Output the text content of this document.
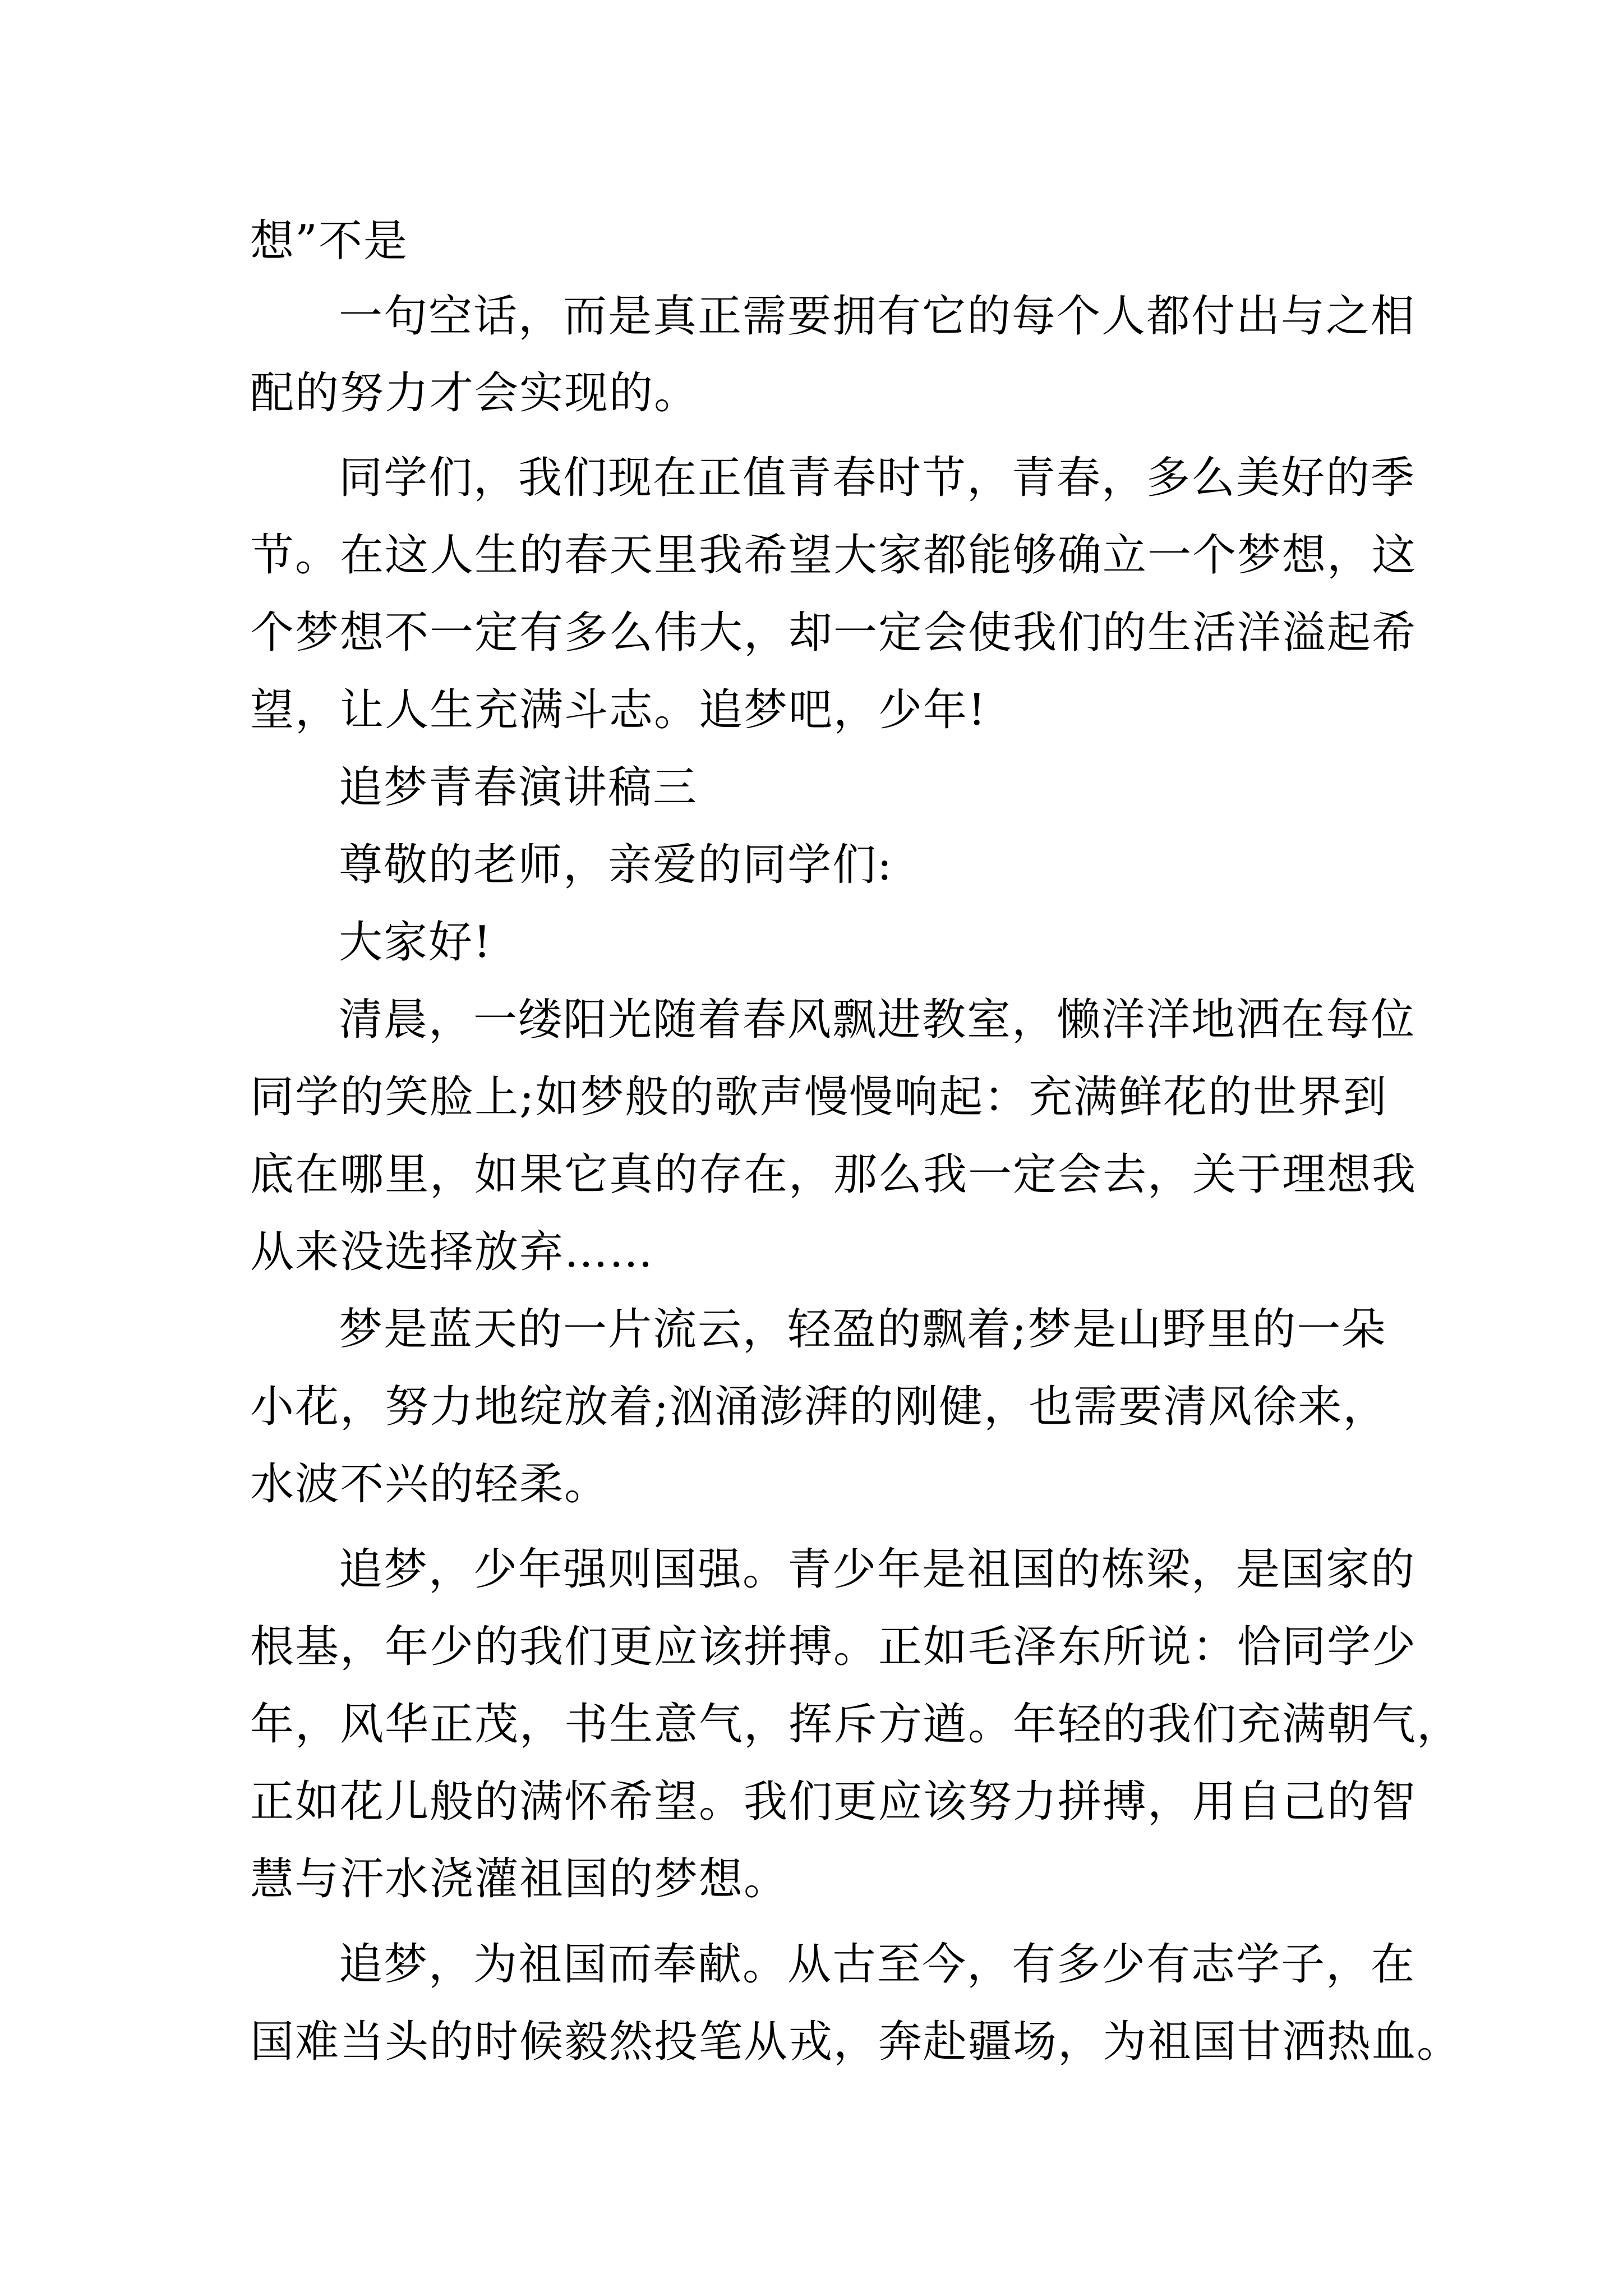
想”不是

一句空话，而是真正需要拥有它的每个人都付出与之相

配的努力才会实现的。

同学们，我们现在正值青春时节，青春，多么美好的季

节。在这人生的春天里我希望大家都能够确立一个梦想，这

个梦想不一定有多么伟大，却一定会使我们的生活洋溢起希

望，让人生充满斗志。追梦吧，少年!

追梦青春演讲稿三

尊敬的老师，亲爱的同学们:

大家好!

清晨，一缕阳光随着春风飘进教室，懒洋洋地洒在每位

同学的笑脸上;如梦般的歌声慢慢响起：充满鲜花的世界到

底在哪里，如果它真的存在，那么我一定会去，关于理想我

从来没选择放弃……

梦是蓝天的一片流云，轻盈的飘着;梦是山野里的一朵

小花，努力地绽放着;汹涌澎湃的刚健，也需要清风徐来，

水波不兴的轻柔。

追梦，少年强则国强。青少年是祖国的栋梁，是国家的

根基，年少的我们更应该拼搏。正如毛泽东所说：恰同学少

年，风华正茂，书生意气，挥斥方遒。年轻的我们充满朝气，

正如花儿般的满怀希望。我们更应该努力拼搏，用自己的智

慧与汗水浇灌祖国的梦想。

追梦，为祖国而奉献。从古至今，有多少有志学子，在

国难当头的时候毅然投笔从戎，奔赴疆场，为祖国甘洒热血。
